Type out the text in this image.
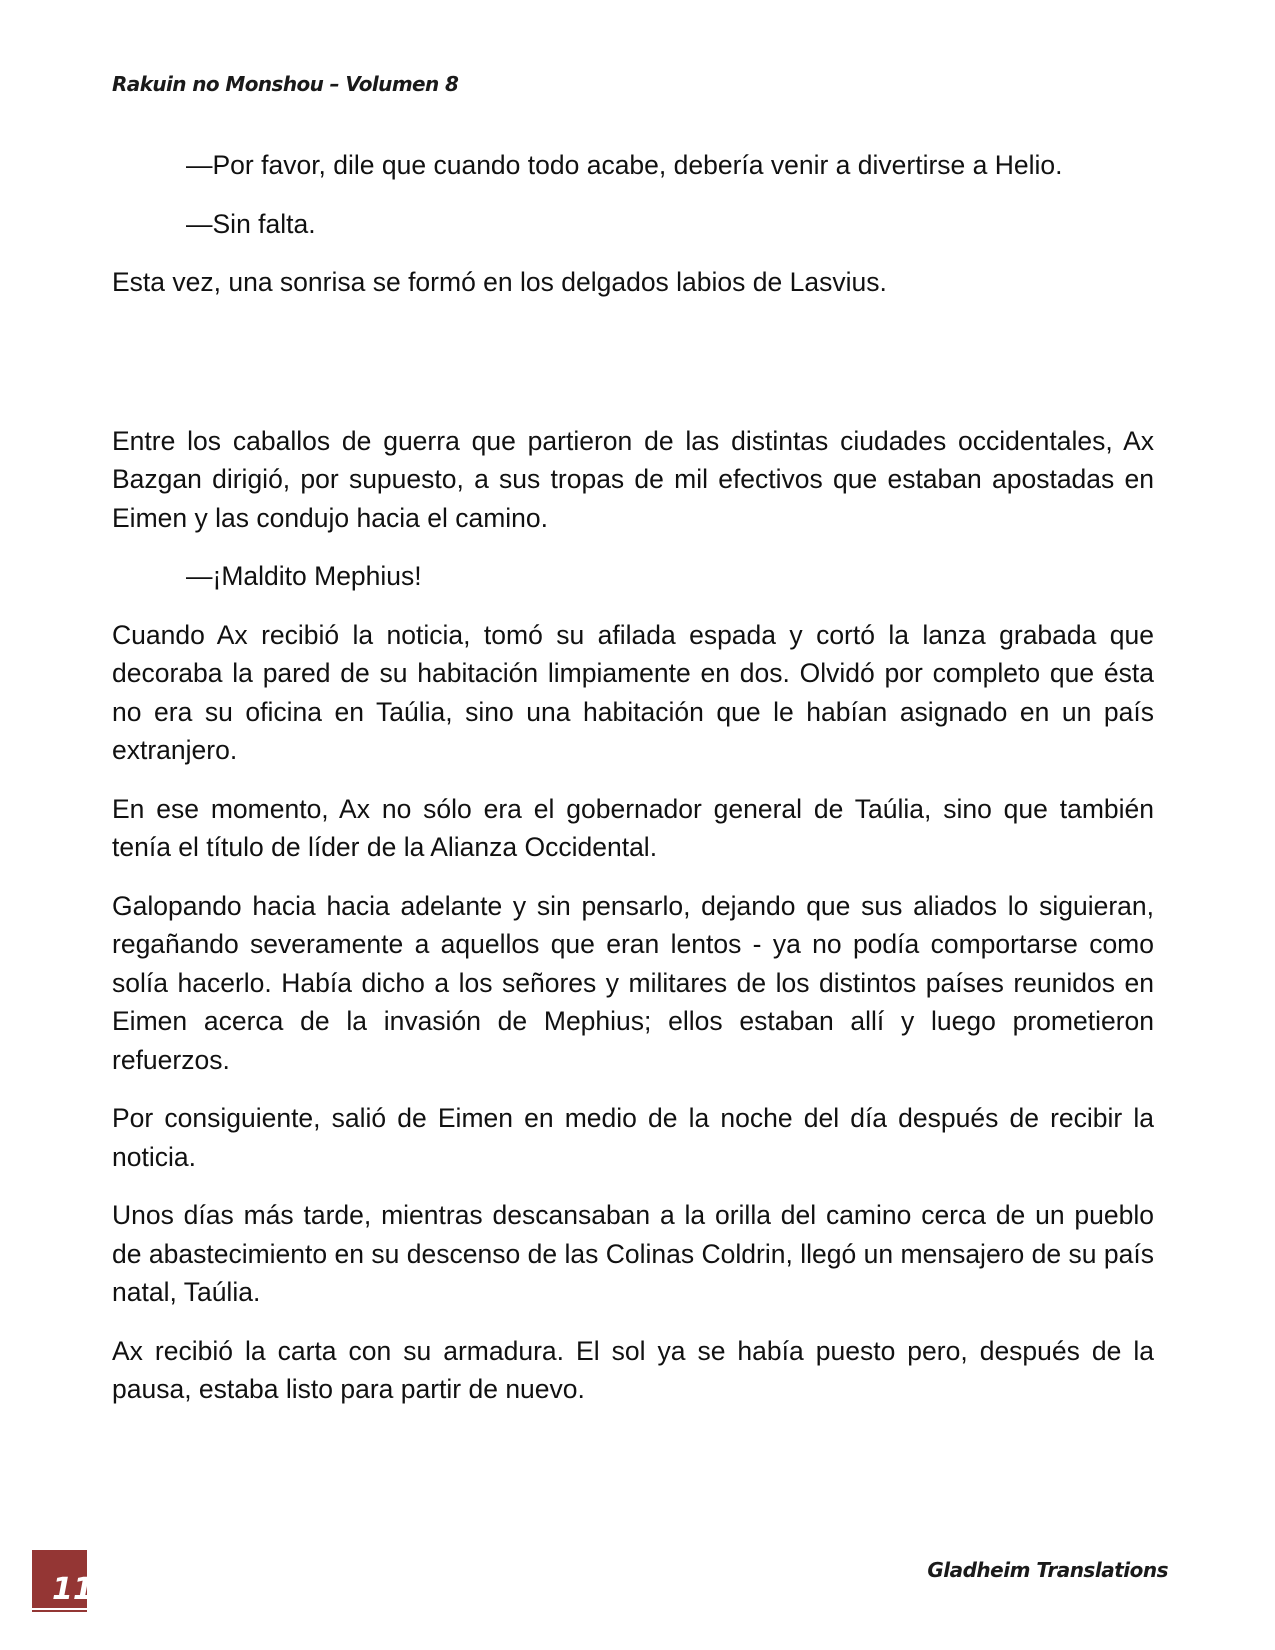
Rakuin no Monshou – Volumen 8

—Por favor, dile que cuando todo acabe, debería venir a divertirse a Helio.

—Sin falta.

Esta vez, una sonrisa se formó en los delgados labios de Lasvius.

Entre los caballos de guerra que partieron de las distintas ciudades occidentales, Ax Bazgan dirigió, por supuesto, a sus tropas de mil efectivos que estaban apostadas en Eimen y las condujo hacia el camino.

—¡Maldito Mephius!

Cuando Ax recibió la noticia, tomó su afilada espada y cortó la lanza grabada que decoraba la pared de su habitación limpiamente en dos. Olvidó por completo que ésta no era su oficina en Taúlia, sino una habitación que le habían asignado en un país extranjero.

En ese momento, Ax no sólo era el gobernador general de Taúlia, sino que también tenía el título de líder de la Alianza Occidental.

Galopando hacia hacia adelante y sin pensarlo, dejando que sus aliados lo siguieran, regañando severamente a aquellos que eran lentos - ya no podía comportarse como solía hacerlo. Había dicho a los señores y militares de los distintos países reunidos en Eimen acerca de la invasión de Mephius; ellos estaban allí y luego prometieron refuerzos.

Por consiguiente, salió de Eimen en medio de la noche del día después de recibir la noticia.

Unos días más tarde, mientras descansaban a la orilla del camino cerca de un pueblo de abastecimiento en su descenso de las Colinas Coldrin, llegó un mensajero de su país natal, Taúlia.

Ax recibió la carta con su armadura. El sol ya se había puesto pero, después de la pausa, estaba listo para partir de nuevo.

11
Gladheim Translations
